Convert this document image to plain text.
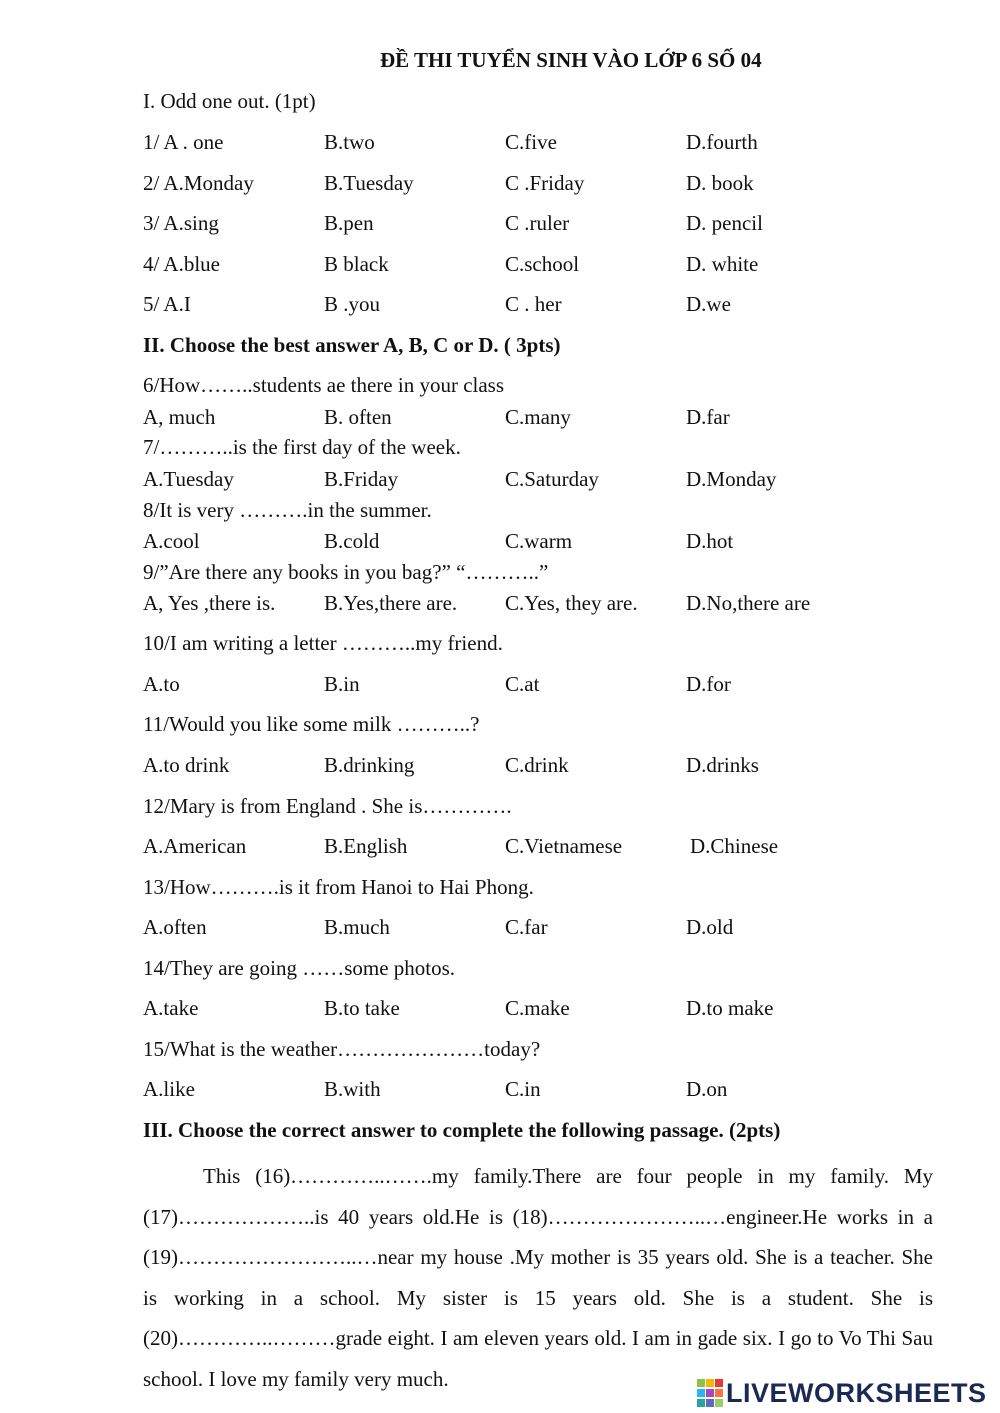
ĐỀ THI TUYỂN SINH VÀO LỚP 6 SỐ 04
I. Odd one out. (1pt)
1/ A . one	B.two	C.five	D.fourth
2/ A.Monday	B.Tuesday	C .Friday	D. book
3/ A.sing	B.pen	C .ruler	D. pencil
4/ A.blue	B black	C.school	D. white
5/ A.I	B .you	C . her	D.we
II. Choose the best answer A, B, C or D. ( 3pts)
6/How……..students ae there in your class
A, much	B. often	C.many	D.far
7/………..is the first day of the week.
A.Tuesday	B.Friday	C.Saturday	D.Monday
8/It is very ……….in the summer.
A.cool	B.cold	C.warm	D.hot
9/”Are there any books in you bag?” “………..”
A, Yes ,there is. B.Yes,there are. C.Yes, they are. D.No,there are
10/I am writing a letter ………..my friend.
A.to	B.in	C.at	D.for
11/Would you like some milk ………..?
A.to drink	B.drinking	C.drink	D.drinks
12/Mary is from England . She is………….
A.American	B.English	C.Vietnamese	D.Chinese
13/How……….is it from Hanoi to Hai Phong.
A.often	B.much	C.far	D.old
14/They are going ……some photos.
A.take	B.to take	C.make	D.to make
15/What is the weather…………………today?
A.like	B.with	C.in	D.on
III. Choose the correct answer to complete the following passage. (2pts)

This (16)…………..…….my family.There are four people in my family. My (17)………………..is 40 years old.He is (18)…………………..…engineer.He works in a (19)……………………..…near my house .My mother is 35 years old. She is a teacher. She is working in a school. My sister is 15 years old. She is a student. She is (20)…………..………grade eight. I am eleven years old. I am in gade six. I go to Vo Thi Sau school. I love my family very much.	LIVEWORKSHEETS
